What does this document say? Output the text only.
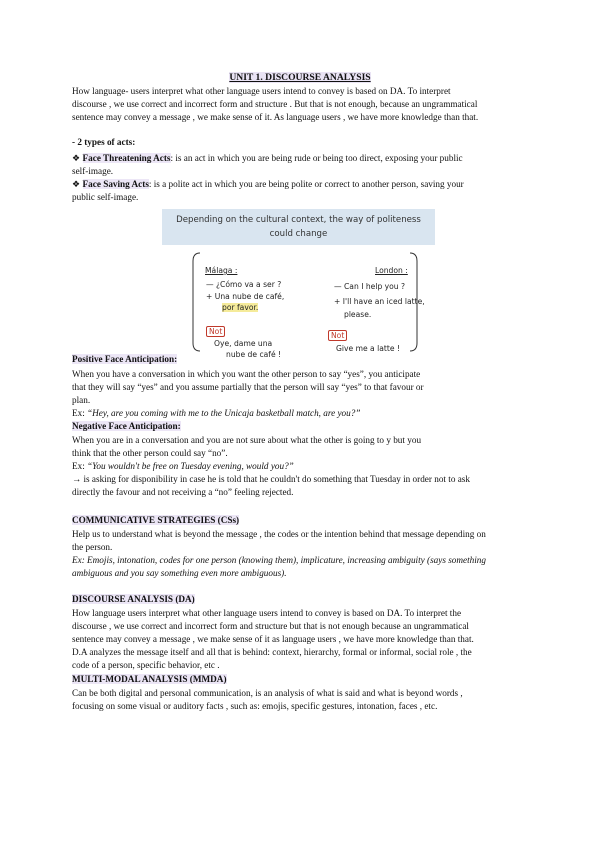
UNIT 1. DISCOURSE ANALYSIS
How language- users interpret what other language users intend to convey is based on DA. To interpret
discourse , we use correct and incorrect form and structure . But that is not enough, because an ungrammatical
sentence may convey a message , we make sense of it. As language users , we have more knowledge than that.
- 2 types of acts:
❖ Face Threatening Acts: is an act in which you are being rude or being too direct, exposing your public
self-image.
❖ Face Saving Acts: is a polite act in which you are being polite or correct to another person, saving your
public self-image.
Depending on the cultural context, the way of politeness
could change
Málaga :
— ¿Cómo va a ser ?
+ Una nube de café,
por favor.
Not
Oye, dame una
nube de café !
London :
— Can I help you ?
+ I'll have an iced latte,
please.
Not
Give me a latte !
Positive Face Anticipation:
When you have a conversation in which you want the other person to say “yes”, you anticipate
that they will say “yes” and you assume partially that the person will say “yes” to that favour or
plan.
Ex: “Hey, are you coming with me to the Unicaja basketball match, are you?”
Negative Face Anticipation:
When you are in a conversation and you are not sure about what the other is going to y but you
think that the other person could say “no”.
Ex: “You wouldn't be free on Tuesday evening, would you?”
→ is asking for disponibility in case he is told that he couldn't do something that Tuesday in order not to ask
directly the favour and not receiving a “no” feeling rejected.
COMMUNICATIVE STRATEGIES (CSs)
Help us to understand what is beyond the message , the codes or the intention behind that message depending on
the person.
Ex: Emojis, intonation, codes for one person (knowing them), implicature, increasing ambiguity (says something
ambiguous and you say something even more ambiguous).
DISCOURSE ANALYSIS (DA)
How language users interpret what other language users intend to convey is based on DA. To interpret the
discourse , we use correct and incorrect form and structure but that is not enough because an ungrammatical
sentence may convey a message , we make sense of it as language users , we have more knowledge than that.
D.A analyzes the message itself and all that is behind: context, hierarchy, formal or informal, social role , the
code of a person, specific behavior, etc .
MULTI-MODAL ANALYSIS (MMDA)
Can be both digital and personal communication, is an analysis of what is said and what is beyond words ,
focusing on some visual or auditory facts , such as: emojis, specific gestures, intonation, faces , etc.
